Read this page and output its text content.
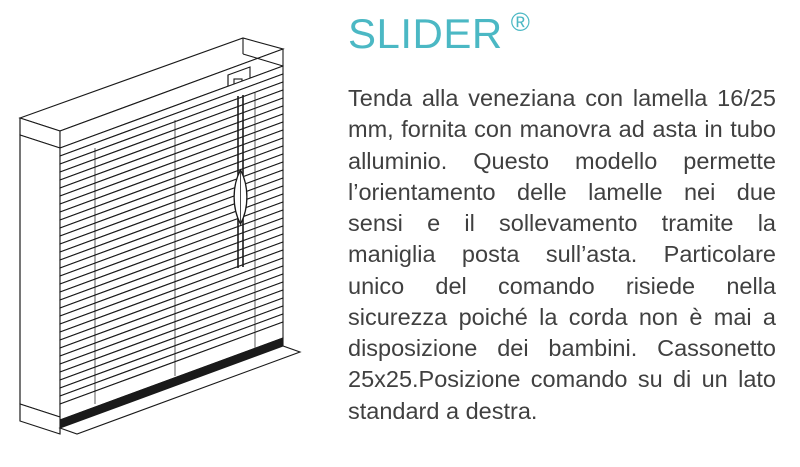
SLIDER ®

Tenda alla veneziana con lamella 16/25 mm, fornita con manovra ad asta in tubo alluminio. Questo modello permette l’orientamento delle lamelle nei due sensi e il sollevamento tramite la maniglia posta sull’asta. Particolare unico del comando risiede nella sicurezza poiché la corda non è mai a disposizione dei bambini. Cassonetto 25x25.Posizione comando su di un lato standard a destra.
